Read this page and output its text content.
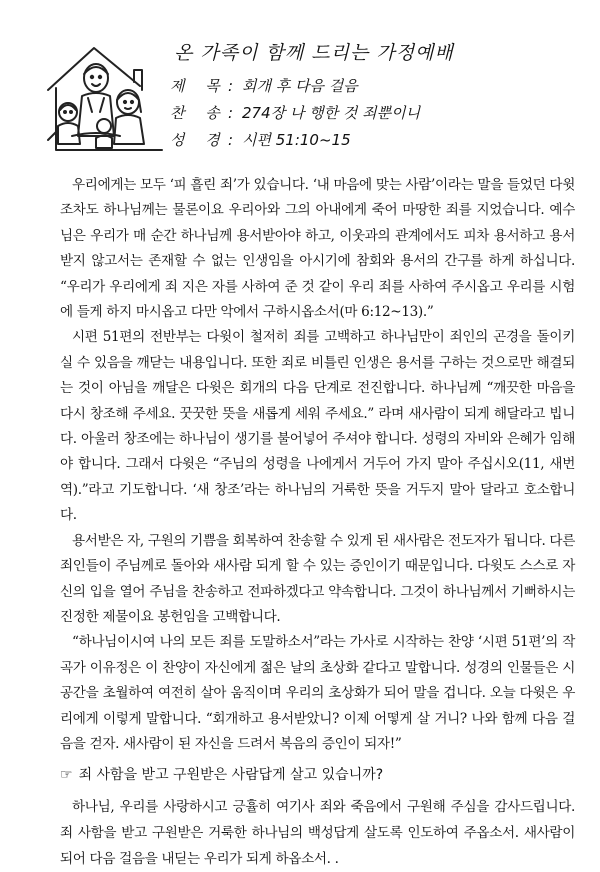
온 가족이 함께 드리는 가정예배
제 목 : 회개 후 다음 걸음
찬 송 : 274장 나 행한 것 죄뿐이니
성 경 : 시편 51:10~15

우리에게는 모두 ‘피 흘린 죄’가 있습니다. ‘내 마음에 맞는 사람’이라는 말을 들었던 다윗조차도 하나님께는 물론이요 우리아와 그의 아내에게 죽어 마땅한 죄를 지었습니다. 예수님은 우리가 매 순간 하나님께 용서받아야 하고, 이웃과의 관계에서도 피차 용서하고 용서받지 않고서는 존재할 수 없는 인생임을 아시기에 참회와 용서의 간구를 하게 하십니다. “우리가 우리에게 죄 지은 자를 사하여 준 것 같이 우리 죄를 사하여 주시옵고 우리를 시험에 들게 하지 마시옵고 다만 악에서 구하시옵소서(마 6:12~13).”

시편 51편의 전반부는 다윗이 철저히 죄를 고백하고 하나님만이 죄인의 곤경을 돌이키실 수 있음을 깨닫는 내용입니다. 또한 죄로 비틀린 인생은 용서를 구하는 것으로만 해결되는 것이 아님을 깨달은 다윗은 회개의 다음 단계로 전진합니다. 하나님께 “깨끗한 마음을 다시 창조해 주세요. 꿋꿋한 뜻을 새롭게 세워 주세요.” 라며 새사람이 되게 해달라고 빕니다. 아울러 창조에는 하나님이 생기를 불어넣어 주셔야 합니다. 성령의 자비와 은혜가 임해야 합니다. 그래서 다윗은 “주님의 성령을 나에게서 거두어 가지 말아 주십시오(11, 새번역).”라고 기도합니다. ‘새 창조’라는 하나님의 거룩한 뜻을 거두지 말아 달라고 호소합니다.

용서받은 자, 구원의 기쁨을 회복하여 찬송할 수 있게 된 새사람은 전도자가 됩니다. 다른 죄인들이 주님께로 돌아와 새사람 되게 할 수 있는 증인이기 때문입니다. 다윗도 스스로 자신의 입을 열어 주님을 찬송하고 전파하겠다고 약속합니다. 그것이 하나님께서 기뻐하시는 진정한 제물이요 봉헌임을 고백합니다.

“하나님이시여 나의 모든 죄를 도말하소서”라는 가사로 시작하는 찬양 ‘시편 51편’의 작곡가 이유정은 이 찬양이 자신에게 젊은 날의 초상화 같다고 말합니다. 성경의 인물들은 시공간을 초월하여 여전히 살아 움직이며 우리의 초상화가 되어 말을 겁니다. 오늘 다윗은 우리에게 이렇게 말합니다. “회개하고 용서받았니? 이제 어떻게 살 거니? 나와 함께 다음 걸음을 걷자. 새사람이 된 자신을 드려서 복음의 증인이 되자!”

☞ 죄 사함을 받고 구원받은 사람답게 살고 있습니까?

하나님, 우리를 사랑하시고 긍휼히 여기사 죄와 죽음에서 구원해 주심을 감사드립니다. 죄 사함을 받고 구원받은 거룩한 하나님의 백성답게 살도록 인도하여 주옵소서. 새사람이 되어 다음 걸음을 내딛는 우리가 되게 하옵소서. .
